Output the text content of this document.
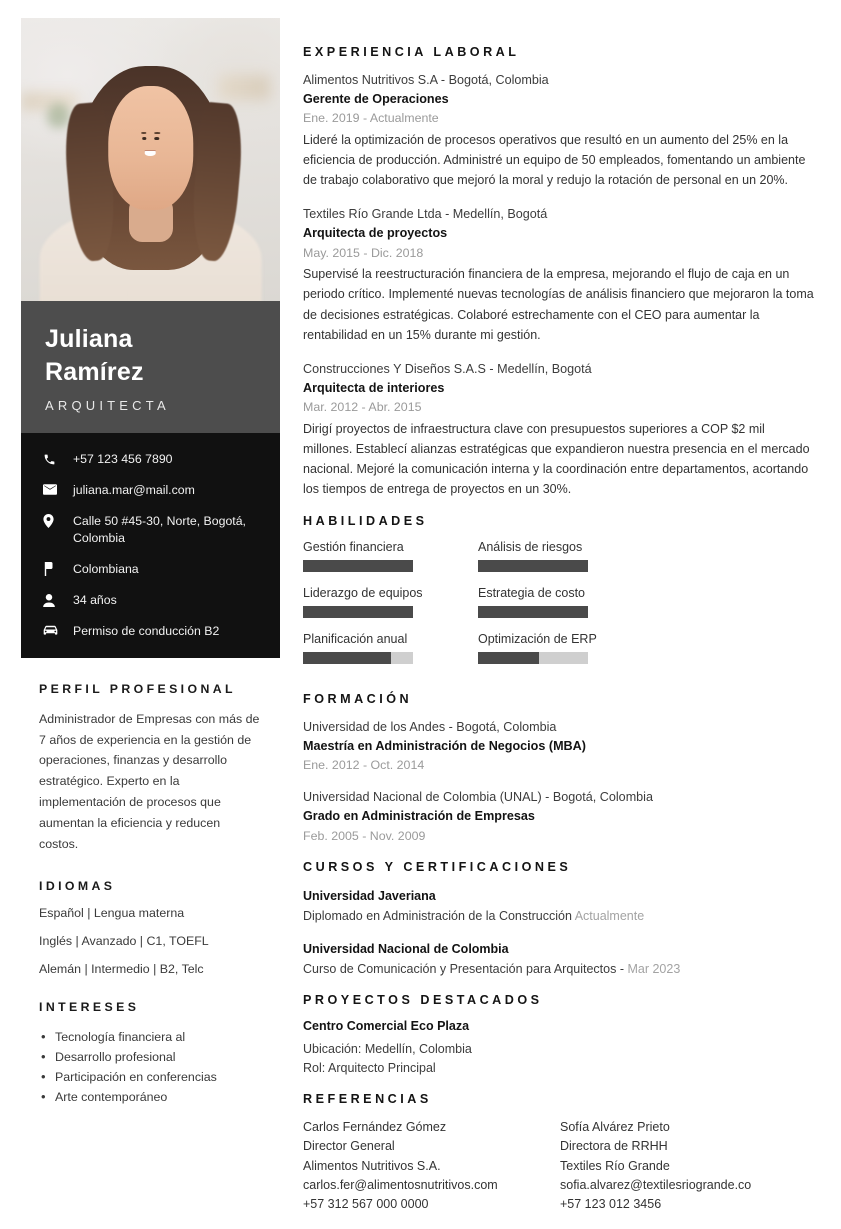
Juliana
Ramírez
ARQUITECTA
+57 123 456 7890
juliana.mar@mail.com
Calle 50 #45-30, Norte, Bogotá, Colombia
Colombiana
34 años
Permiso de conducción B2
PERFIL PROFESIONAL

Administrador de Empresas con más de 7 años de experiencia en la gestión de operaciones, finanzas y desarrollo estratégico. Experto en la implementación de procesos que aumentan la eficiencia y reducen costos.

IDIOMAS
Español | Lengua materna
Inglés | Avanzado | C1, TOEFL
Alemán | Intermedio | B2, Telc
INTERESES
• Tecnología financiera al
• Desarrollo profesional
• Participación en conferencias
• Arte contemporáneo
EXPERIENCIA LABORAL
Alimentos Nutritivos S.A - Bogotá, Colombia
Gerente de Operaciones
Ene. 2019 - Actualmente
Lideré la optimización de procesos operativos que resultó en un aumento del 25% en la eficiencia de producción. Administré un equipo de 50 empleados, fomentando un ambiente de trabajo colaborativo que mejoró la moral y redujo la rotación de personal en un 20%.
Textiles Río Grande Ltda - Medellín, Bogotá
Arquitecta de proyectos
May. 2015 - Dic. 2018
Supervisé la reestructuración financiera de la empresa, mejorando el flujo de caja en un periodo crítico. Implementé nuevas tecnologías de análisis financiero que mejoraron la toma de decisiones estratégicas. Colaboré estrechamente con el CEO para aumentar la rentabilidad en un 15% durante mi gestión.
Construcciones Y Diseños S.A.S - Medellín, Bogotá
Arquitecta de interiores
Mar. 2012 - Abr. 2015
Dirigí proyectos de infraestructura clave con presupuestos superiores a COP $2 mil millones. Establecí alianzas estratégicas que expandieron nuestra presencia en el mercado nacional. Mejoré la comunicación interna y la coordinación entre departamentos, acortando los tiempos de entrega de proyectos en un 30%.
HABILIDADES
Gestión financiera	Análisis de riesgos
Liderazgo de equipos	Estrategia de costo
Planificación anual	Optimización de ERP
FORMACIÓN
Universidad de los Andes - Bogotá, Colombia
Maestría en Administración de Negocios (MBA)
Ene. 2012 - Oct. 2014
Universidad Nacional de Colombia (UNAL) - Bogotá, Colombia
Grado en Administración de Empresas
Feb. 2005 - Nov. 2009
CURSOS Y CERTIFICACIONES
Universidad Javeriana
Diplomado en Administración de la Construcción Actualmente
Universidad Nacional de Colombia
Curso de Comunicación y Presentación para Arquitectos - Mar 2023
PROYECTOS DESTACADOS
Centro Comercial Eco Plaza
Ubicación: Medellín, Colombia
Rol: Arquitecto Principal
REFERENCIAS
Carlos Fernández Gómez
Director General
Alimentos Nutritivos S.A.
carlos.fer@alimentosnutritivos.com
+57 312 567 000 0000
Sofía Alvárez Prieto
Directora de RRHH
Textiles Río Grande
sofia.alvarez@textilesriogrande.co
+57 123 012 3456
